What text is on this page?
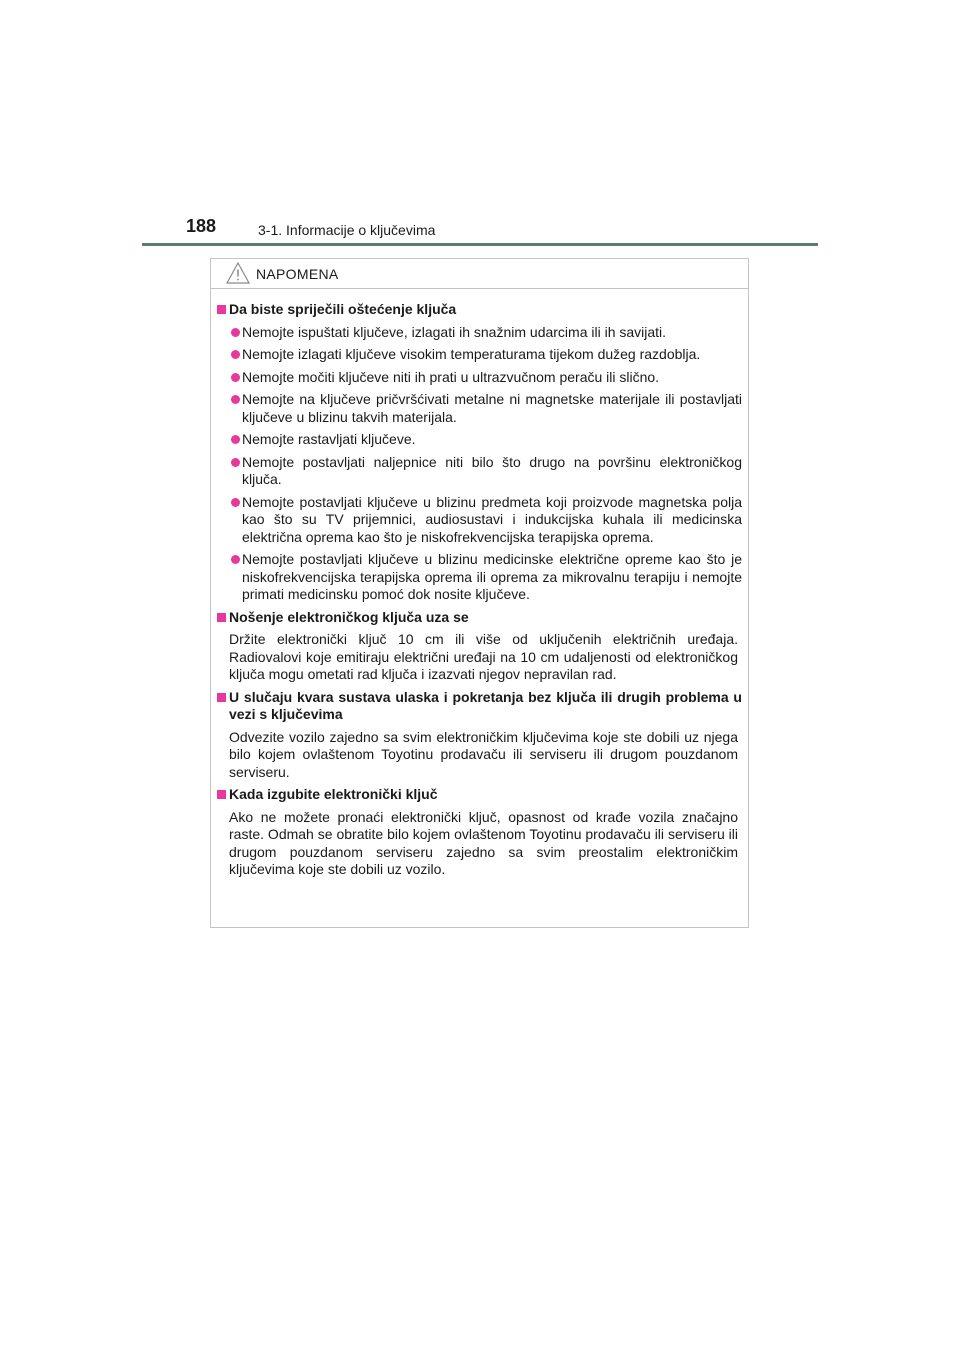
188	3-1. Informacije o ključevima
NAPOMENA
Da biste spriječili oštećenje ključa
Nemojte ispuštati ključeve, izlagati ih snažnim udarcima ili ih savijati.
Nemojte izlagati ključeve visokim temperaturama tijekom dužeg razdoblja.
Nemojte močiti ključeve niti ih prati u ultrazvučnom peraču ili slično.
Nemojte na ključeve pričvršćivati metalne ni magnetske materijale ili postavljati ključeve u blizinu takvih materijala.
Nemojte rastavljati ključeve.
Nemojte postavljati naljepnice niti bilo što drugo na površinu elektroničkog ključa.
Nemojte postavljati ključeve u blizinu predmeta koji proizvode magnetska polja kao što su TV prijemnici, audiosustavi i indukcijska kuhala ili medicinska električna oprema kao što je niskofrekvencijska terapijska oprema.
Nemojte postavljati ključeve u blizinu medicinske električne opreme kao što je niskofrekvencijska terapijska oprema ili oprema za mikrovalnu terapiju i nemojte primati medicinsku pomoć dok nosite ključeve.
Nošenje elektroničkog ključa uza se
Držite elektronički ključ 10 cm ili više od uključenih električnih uređaja. Radiovalovi koje emitiraju električni uređaji na 10 cm udaljenosti od elektroničkog ključa mogu ometati rad ključa i izazvati njegov nepravilan rad.
U slučaju kvara sustava ulaska i pokretanja bez ključa ili drugih problema u vezi s ključevima
Odvezite vozilo zajedno sa svim elektroničkim ključevima koje ste dobili uz njega bilo kojem ovlaštenom Toyotinu prodavaču ili serviseru ili drugom pouzdanom serviseru.
Kada izgubite elektronički ključ
Ako ne možete pronaći elektronički ključ, opasnost od krađe vozila značajno raste. Odmah se obratite bilo kojem ovlaštenom Toyotinu prodavaču ili serviseru ili drugom pouzdanom serviseru zajedno sa svim preostalim elektroničkim ključevima koje ste dobili uz vozilo.
